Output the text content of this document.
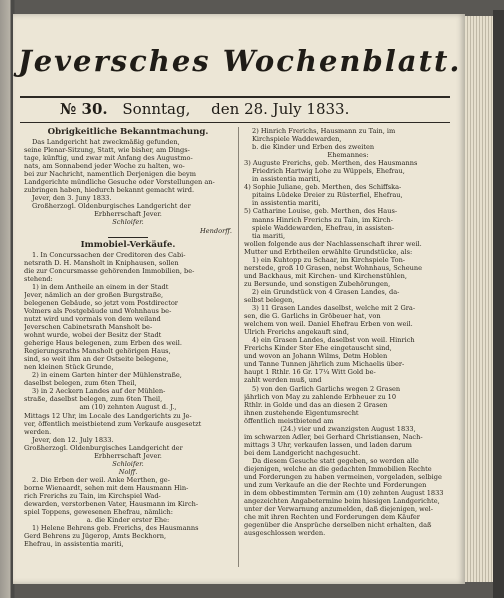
Jeversches Wochenblatt.
№ 30. Sonntag, den 28. July 1833.
Obrigkeitliche Bekanntmachung.
Das Landgericht hat zweckmäßig gefunden,
seine Plenar-Sitzung, Statt, wie bisher, am Dings-
tage, künftig, und zwar mit Anfang des Augustmo-
nats, am Sonnabend jeder Woche zu halten, wo-
bei zur Nachricht, namentlich Derjenigen die beym
Landgerichte mündliche Gesuche oder Vorstellungen an-
zubringen haben, hiedurch bekannt gemacht wird.
Jever, den 3. Juny 1833.
Großherzogl. Oldenburgisches Landgericht der
Erbherrschaft Jever.
Schloifer.
Hendorff.
Immobiel-Verkäufe.
1. In Concurssachen der Creditoren des Cabi-
netsrath D. H. Mansholt in Kniphausen, sollen
die zur Concursmasse gehörenden Immobilien, be-
stehend:
1) in dem Antheile an einem in der Stadt
Jever, nämlich an der großen Burgstraße,
belegenen Gebäude, so jetzt vom Postdirector
Volmers als Postgebäude und Wohnhaus be-
nutzt wird und vormals von dem weiland
Jeverschen Cabinetsrath Mansholt be-
wohnt wurde, wobei der Besitz der Stadt
geherige Haus belegenen, zum Erben des weil.
Regierungsraths Mansholt gehörigen Haus,
sind, so weit ihm an der Ostseite belegene,
nen kleinen Stück Grunde,
2) in einem Garten hinter der Mühlenstraße,
daselbst belegen, zum 6ten Theil,
3) in 2 Aeckern Landes auf der Mühlen-
straße, daselbst belegen, zum 6ten Theil,
am (10) zehnten August d. J.,
Mittags 12 Uhr, im Locale des Landgerichts zu Je-
ver, öffentlich meistbietend zum Verkaufe ausgesetzt
werden.
Jever, den 12. July 1833.
Großherzogl. Oldenburgisches Landgericht der
Erbherrschaft Jever.
Schloifer.
Nolff.
2. Die Erben der weil. Anke Merthen, ge-
borne Wienaardt, sehen mit dem Hausmann Hin-
rich Frerichs zu Tain, im Kirchspiel Wad-
dewarden, verstorbenen Vater, Hausmann im Kirch-
spiel Toppens, gewesenen Ehefrau, nämlich:
a. die Kinder erster Ehe:
1) Helene Behrens geb. Frerichs, des Hausmanns
Gerd Behrens zu Jügerop, Amts Beckhorn,
Ehefrau, in assistentia mariti,
2) Hinrich Frerichs, Hausmann zu Tain, im
Kirchspiele Waddewarden,
b. die Kinder und Erben des zweiten
Ehemannes:
3) Auguste Frerichs, geb. Merthen, des Hausmanns
Friedrich Hartwig Lohe zu Wüppels, Ehefrau,
in assistentia mariti,
4) Sophie Juliane, geb. Merthen, des Schiffska-
pitains Lüdeke Dreier zu Rüsterfiel, Ehefrau,
in assistentia mariti,
5) Catharine Louise, geb. Merthen, des Haus-
manns Hinrich Frerichs zu Tain, im Kirch-
spiele Waddewarden, Ehefrau, in assisten-
tia mariti,
wollen folgende aus der Nachlassenschaft ihrer weil.
Mutter und Erbtheilen erwählte Grundstücke, als:
1) ein Kuhtopp zu Schaar, im Kirchspiele Ton-
nerstede, groß 10 Grasen, nebst Wohnhaus, Scheune
und Backhaus, mit Kirchen- und Kirchenstühlen,
zu Bersunde, und sonstigen Zubehörungen,
2) ein Grundstück von 4 Grasen Landes, da-
selbst belegen,
3) 11 Grasen Landes daselbst, welche mit 2 Gra-
sen, die G. Garlichs in Gröbeuer hat, von
welchem von weil. Daniel Ehefrau Erben von weil.
Ulrich Frerichs angekauft sind,
4) ein Grasen Landes, daselbst von weil. Hinrich
Frerichs Kinder Ster Ehe eingetauscht sind,
und wovon an Johann Wilms, Detm Hoblen
und Tanne Tunnen jährlich zum Michaelis über-
haupt 1 Rthlr. 16 Gr. 17¼ Witt Gold be-
zahlt werden muß, und
5) von den Garlich Garlichs wegen 2 Grasen
jährlich von May zu zahlende Erbheuer zu 10
Rthlr. in Golde und das an diesen 2 Grasen
ihnen zustehende Eigentumsrecht
öffentlich meistbietend am
(24.) vier und zwanzigsten August 1833,
im schwarzen Adler, bei Gerhard Christiansen, Nach-
mittags 3 Uhr, verkaufen lassen, und laden darum
bei dem Landgericht nachgesucht.
Da diesem Gesuche statt gegeben, so werden alle
diejenigen, welche an die gedachten Immobilien Rechte
und Forderungen zu haben vermeinen, vorgeladen, selbige
und zum Verkaufe an die der Rechte und Forderungen
in dem obbestimmten Termin am (10) zehnten August 1833
angezeichten Angabetermine beim hiesigen Landgerichte,
unter der Verwarnung anzumelden, daß diejenigen, wel-
che mit ihren Rechten und Forderungen dem Käufer
gegenüber die Ansprüche derselben nicht erhalten, daß
ausgeschlossen werden.
